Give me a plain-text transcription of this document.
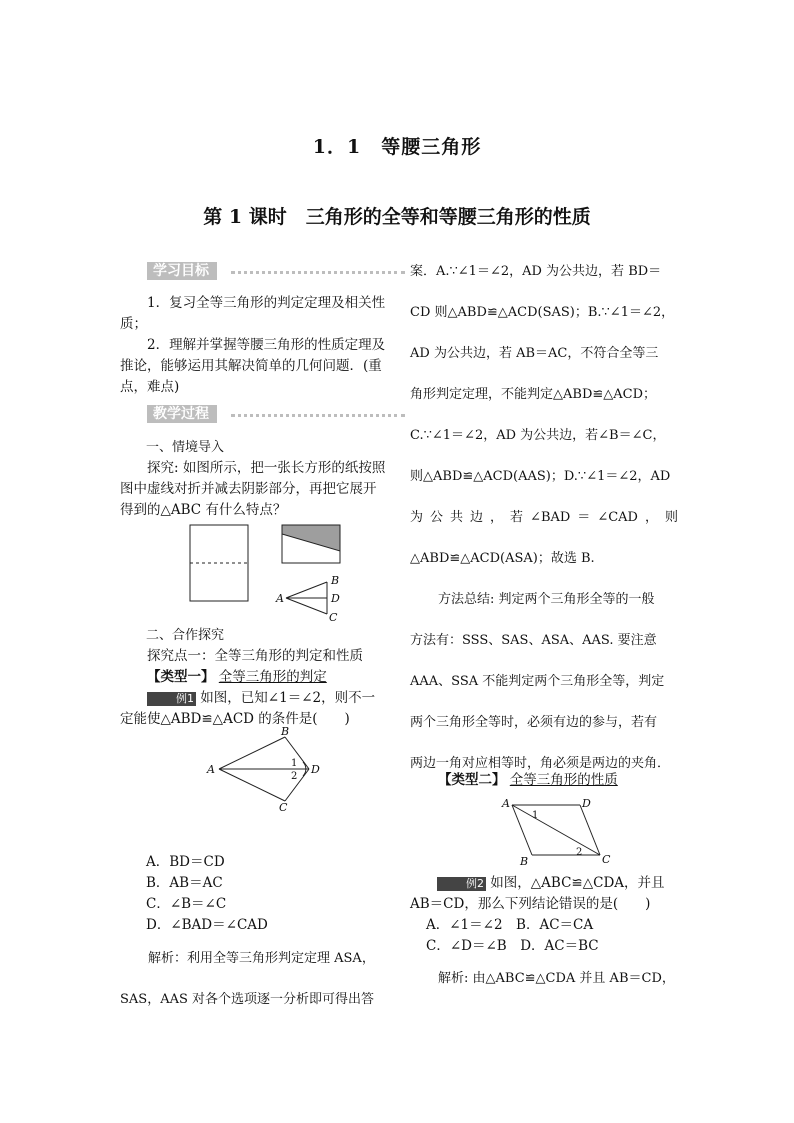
1．1　等腰三角形
第 1 课时　三角形的全等和等腰三角形的性质
学习目标

1．复习全等三角形的判定定理及相关性质；

2．理解并掌握等腰三角形的性质定理及推论，能够运用其解决简单的几何问题．(重点，难点)

教学过程

一、情境导入

探究: 如图所示，把一张长方形的纸按照图中虚线对折并减去阴影部分，再把它展开得到的△ABC 有什么特点？

A
B
D
C

二、合作探究

探究点一：全等三角形的判定和性质

【类型一】 全等三角形的判定

例1 如图，已知∠1＝∠2，则不一定能使△ABD≌△ACD 的条件是(　　)

A
B
D
C
1
2

A．BD＝CD

B．AB＝AC

C．∠B＝∠C

D．∠BAD＝∠CAD

解析：利用全等三角形判定定理 ASA，
SAS，AAS 对各个选项逐一分析即可得出答
案．A.∵∠1＝∠2，AD 为公共边，若 BD＝
CD 则△ABD≌△ACD(SAS)；B.∵∠1＝∠2，
AD 为公共边，若 AB＝AC，不符合全等三
角形判定定理，不能判定△ABD≌△ACD；
C.∵∠1＝∠2，AD 为公共边，若∠B＝∠C，
则△ABD≌△ACD(AAS)；D.∵∠1＝∠2，AD
为公共边，若∠BAD＝∠CAD，则
△ABD≌△ACD(ASA)；故选 B.
方法总结: 判定两个三角形全等的一般
方法有：SSS、SAS、ASA、AAS. 要注意
AAA、SSA 不能判定两个三角形全等，判定
两个三角形全等时，必须有边的参与，若有
两边一角对应相等时，角必须是两边的夹角．
【类型二】 全等三角形的性质
A	D
B	C
1
2

例2 如图，△ABC≌△CDA，并且 AB＝CD，那么下列结论错误的是(　　)

A．∠1＝∠2　B．AC＝CA

C．∠D＝∠B　D．AC＝BC

解析: 由△ABC≌△CDA 并且 AB＝CD，
